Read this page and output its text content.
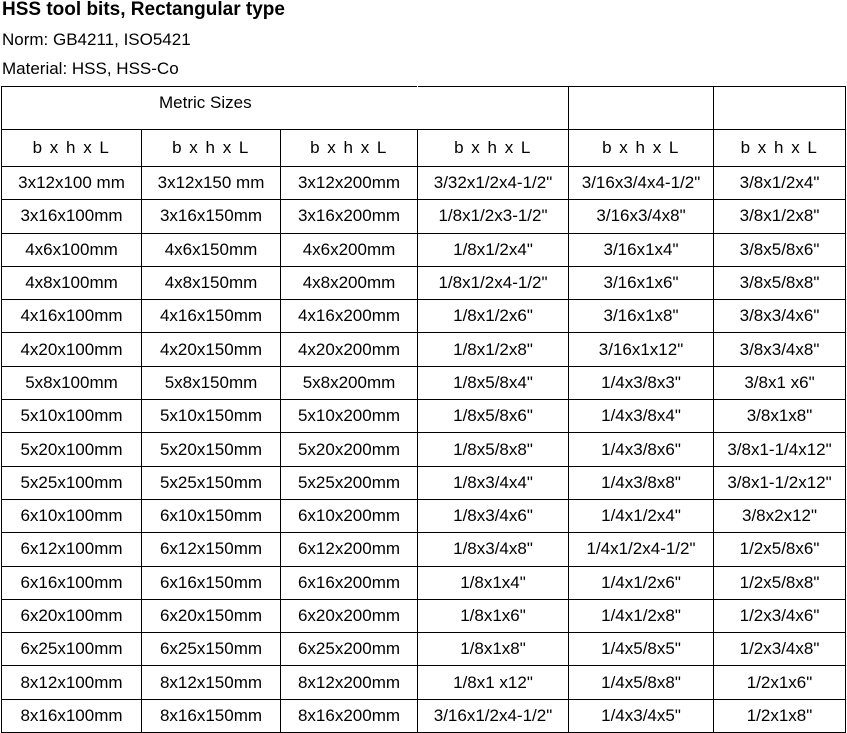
HSS tool bits, Rectangular type
Norm: GB4211, ISO5421
Material: HSS, HSS-Co
Metric Sizes					
b x h x L	b x h x L	b x h x L	b x h x L	b x h x L	b x h x L
3x12x100 mm	3x12x150 mm	3x12x200mm	3/32x1/2x4-1/2"	3/16x3/4x4-1/2"	3/8x1/2x4"
3x16x100mm	3x16x150mm	3x16x200mm	1/8x1/2x3-1/2"	3/16x3/4x8"	3/8x1/2x8"
4x6x100mm	4x6x150mm	4x6x200mm	1/8x1/2x4"	3/16x1x4"	3/8x5/8x6"
4x8x100mm	4x8x150mm	4x8x200mm	1/8x1/2x4-1/2"	3/16x1x6"	3/8x5/8x8"
4x16x100mm	4x16x150mm	4x16x200mm	1/8x1/2x6"	3/16x1x8"	3/8x3/4x6"
4x20x100mm	4x20x150mm	4x20x200mm	1/8x1/2x8"	3/16x1x12"	3/8x3/4x8"
5x8x100mm	5x8x150mm	5x8x200mm	1/8x5/8x4"	1/4x3/8x3"	3/8x1 x6"
5x10x100mm	5x10x150mm	5x10x200mm	1/8x5/8x6"	1/4x3/8x4"	3/8x1x8"
5x20x100mm	5x20x150mm	5x20x200mm	1/8x5/8x8"	1/4x3/8x6"	3/8x1-1/4x12"
5x25x100mm	5x25x150mm	5x25x200mm	1/8x3/4x4"	1/4x3/8x8"	3/8x1-1/2x12"
6x10x100mm	6x10x150mm	6x10x200mm	1/8x3/4x6"	1/4x1/2x4"	3/8x2x12"
6x12x100mm	6x12x150mm	6x12x200mm	1/8x3/4x8"	1/4x1/2x4-1/2"	1/2x5/8x6"
6x16x100mm	6x16x150mm	6x16x200mm	1/8x1x4"	1/4x1/2x6"	1/2x5/8x8"
6x20x100mm	6x20x150mm	6x20x200mm	1/8x1x6"	1/4x1/2x8"	1/2x3/4x6"
6x25x100mm	6x25x150mm	6x25x200mm	1/8x1x8"	1/4x5/8x5"	1/2x3/4x8"
8x12x100mm	8x12x150mm	8x12x200mm	1/8x1 x12"	1/4x5/8x8"	1/2x1x6"
8x16x100mm	8x16x150mm	8x16x200mm	3/16x1/2x4-1/2"	1/4x3/4x5"	1/2x1x8"
